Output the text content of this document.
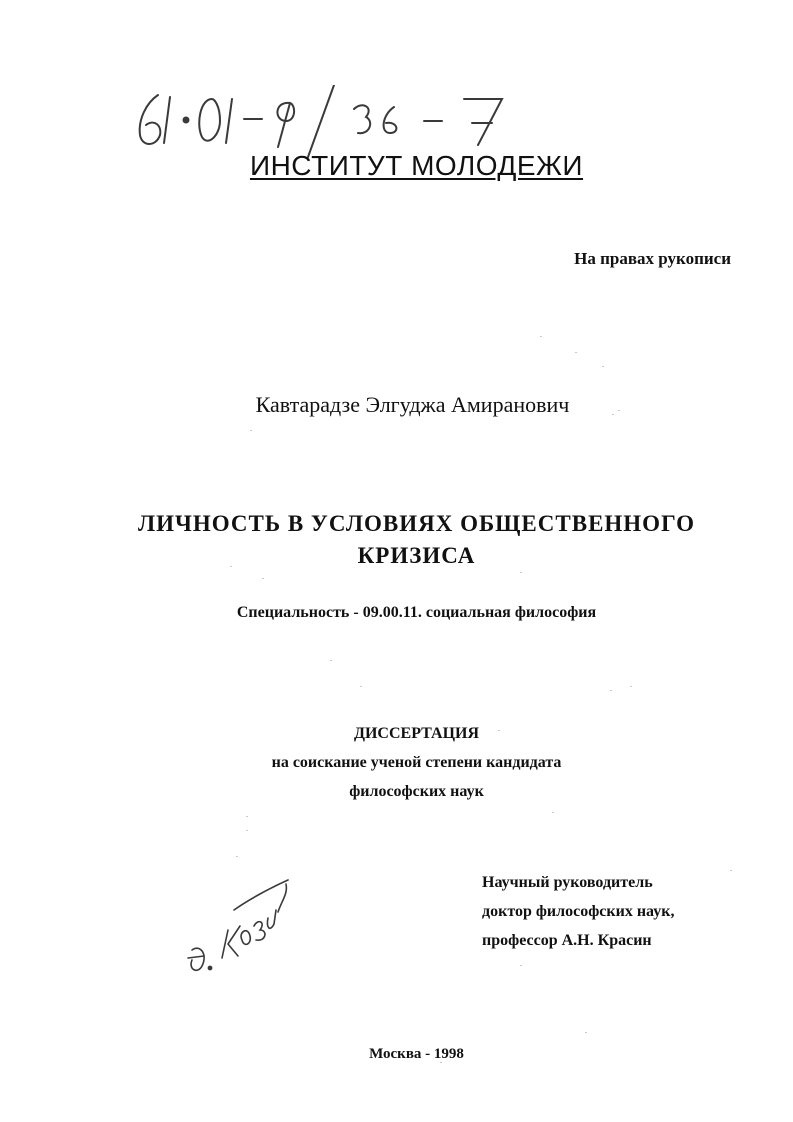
ИНСТИТУТ МОЛОДЕЖИ
На правах рукописи
Кавтарадзе Элгуджа Амиранович
ЛИЧНОСТЬ В УСЛОВИЯХ ОБЩЕСТВЕННОГО
КРИЗИСА
Специальность - 09.00.11. социальная философия
ДИССЕРТАЦИЯ
на соискание ученой степени кандидата
философских наук
Научный руководитель
доктор философских наук,
профессор А.Н. Красин
Москва - 1998
